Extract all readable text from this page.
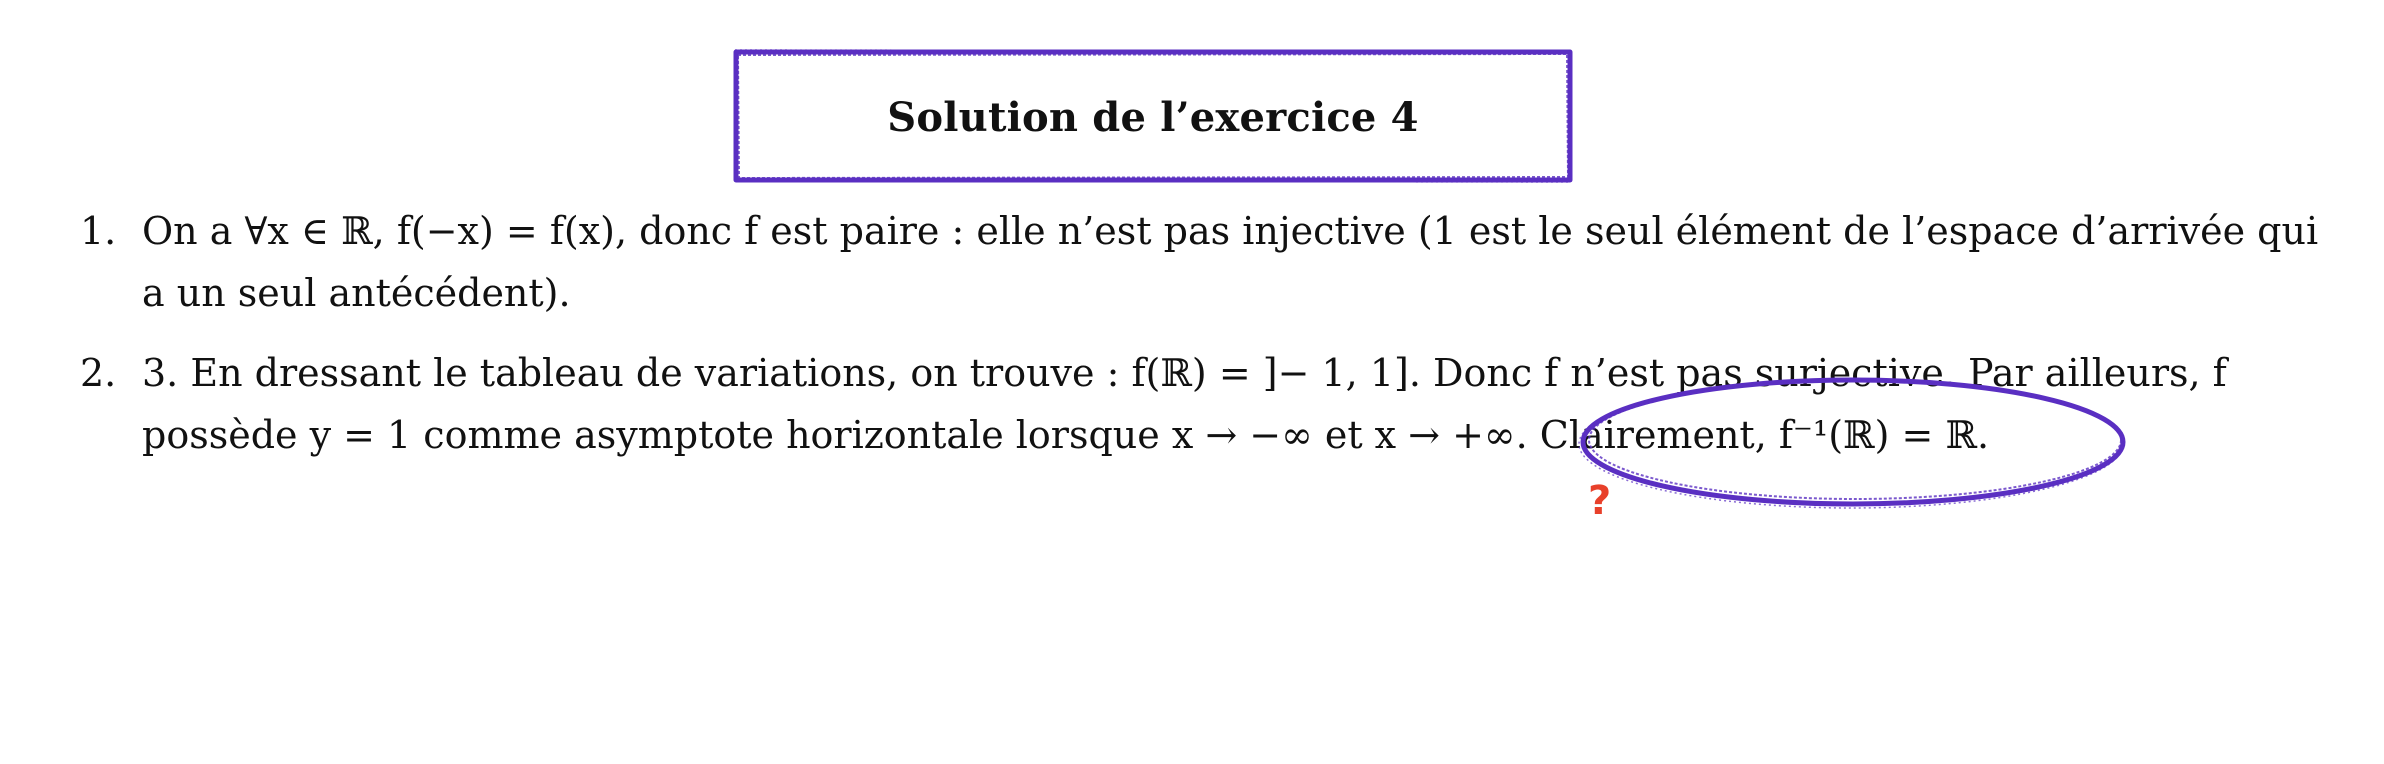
Solution de l’exercice 4
1. On a ∀x ∈ ℝ, f(−x) = f(x), donc f est paire : elle n’est pas injective (1 est le seul élément de l’espace d’arrivée qui a un seul antécédent).
2. 3. En dressant le tableau de variations, on trouve : f(ℝ) = ]− 1, 1]. Donc f n’est pas surjective. Par ailleurs, f possède y = 1 comme asymptote horizontale lorsque x → −∞ et x → +∞. Clairement, f⁻¹(ℝ) = ℝ.
?
